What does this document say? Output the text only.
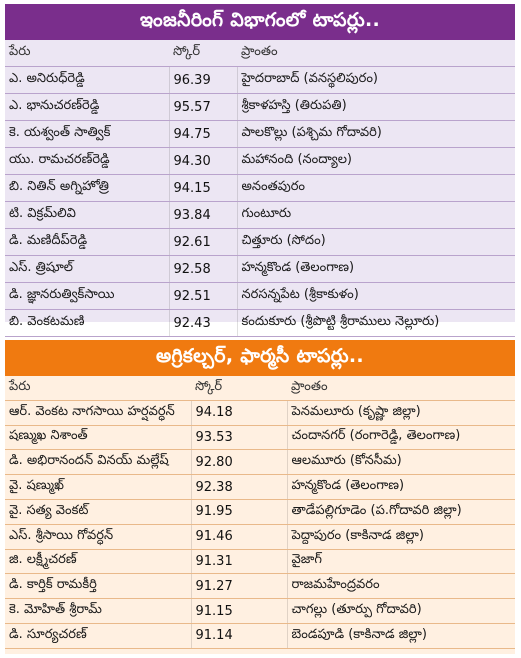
ఇంజనీరింగ్ విభాగంలో టాపర్లు..
పేరు	స్కోర్	ప్రాంతం
ఎ. అనిరుధ్‌రెడ్డి	96.39	హైదరాబాద్ (వనస్థలిపురం)
ఎ. భానుచరణ్‌రెడ్డి	95.57	శ్రీకాళహస్తి (తిరుపతి)
కె. యశ్వంత్ సాత్విక్	94.75	పాలకొల్లు (పశ్చిమ గోదావరి)
యు. రామచరణ్‌రెడ్డి	94.30	మహానంది (నంద్యాల)
బి. నితిన్ అగ్నిహోత్రి	94.15	అనంతపురం
టి. విక్రమ్‌లివి	93.84	గుంటూరు
డి. మణిదీప్‌రెడ్డి	92.61	చిత్తూరు (సోదం)
ఎస్. త్రిషూల్	92.58	హన్మకొండ (తెలంగాణ)
డి. జ్ఞానరుత్విక్‌సాయి	92.51	నరసన్నపేట (శ్రీకాకుళం)
బి. వెంకటమణి	92.43	కందుకూరు (శ్రీపొట్టి శ్రీరాములు నెల్లూరు)
అగ్రికల్చర్, ఫార్మసీ టాపర్లు..
పేరు	స్కోర్	ప్రాంతం
ఆర్. వెంకట నాగసాయి హర్షవర్ధన్	94.18	పెనమలూరు (కృష్ణా జిల్లా)
షణ్ముఖ నిశాంత్	93.53	చందానగర్ (రంగారెడ్డి, తెలంగాణ)
డి. అభిరానందన్ వినయ్ మల్లేష్	92.80	ఆలమూరు (కోనసీమ)
వై. షణ్ముఖ్	92.38	హన్మకొండ (తెలంగాణ)
వై. సత్య వెంకట్	91.95	తాడేపల్లిగూడెం (ప.గోదావరి జిల్లా)
ఎస్. శ్రీసాయి గోవర్ధన్	91.46	పెద్దాపురం (కాకినాడ జిల్లా)
జి. లక్ష్మీచరణ్	91.31	వైజాగ్
డి. కార్తిక్ రామకీర్తి	91.27	రాజమహేంద్రవరం
కె. మోహిత్ శ్రీరామ్	91.15	చాగల్లు (తూర్పు గోదావరి)
డి. సూర్యచరణ్	91.14	బెండపూడి (కాకినాడ జిల్లా)
